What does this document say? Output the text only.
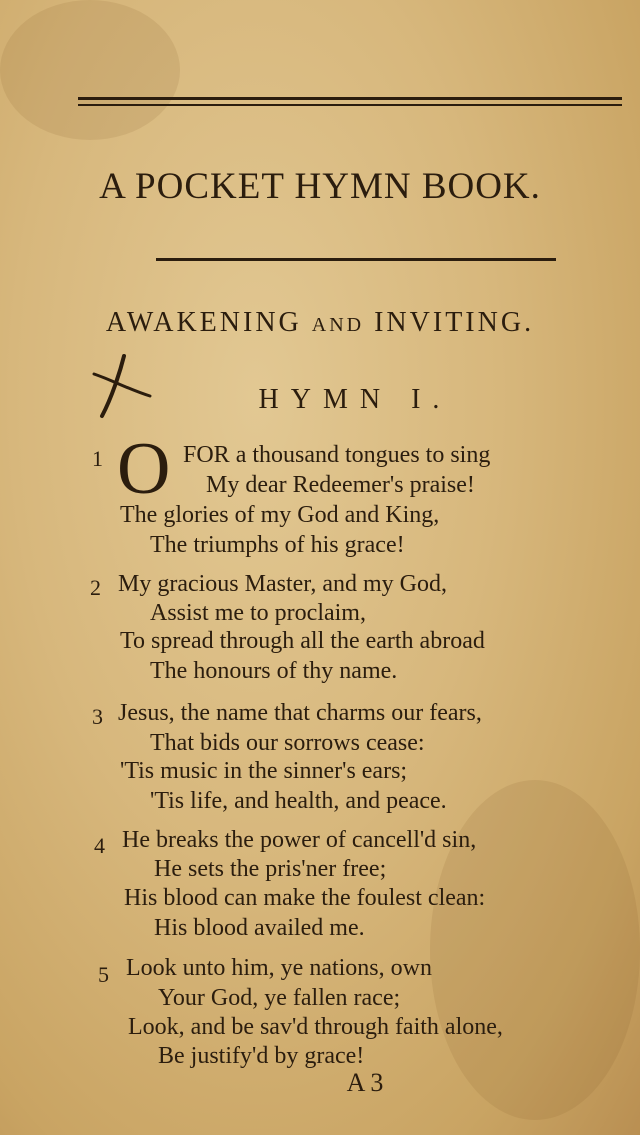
A POCKET HYMN BOOK.
AWAKENING AND INVITING.
HYMN I.
O
1	FOR a thousand tongues to sing
My dear Redeemer's praise!
The glories of my God and King,
The triumphs of his grace!
2 My gracious Master, and my God,
Assist me to proclaim,
To spread through all the earth abroad
The honours of thy name.
3 Jesus, the name that charms our fears,
That bids our sorrows cease:
'Tis music in the sinner's ears;
'Tis life, and health, and peace.
4 He breaks the power of cancell'd sin,
He sets the pris'ner free;
His blood can make the foulest clean:
His blood availed me.
5 Look unto him, ye nations, own
Your God, ye fallen race;
Look, and be sav'd through faith alone,
Be justify'd by grace!
A 3
